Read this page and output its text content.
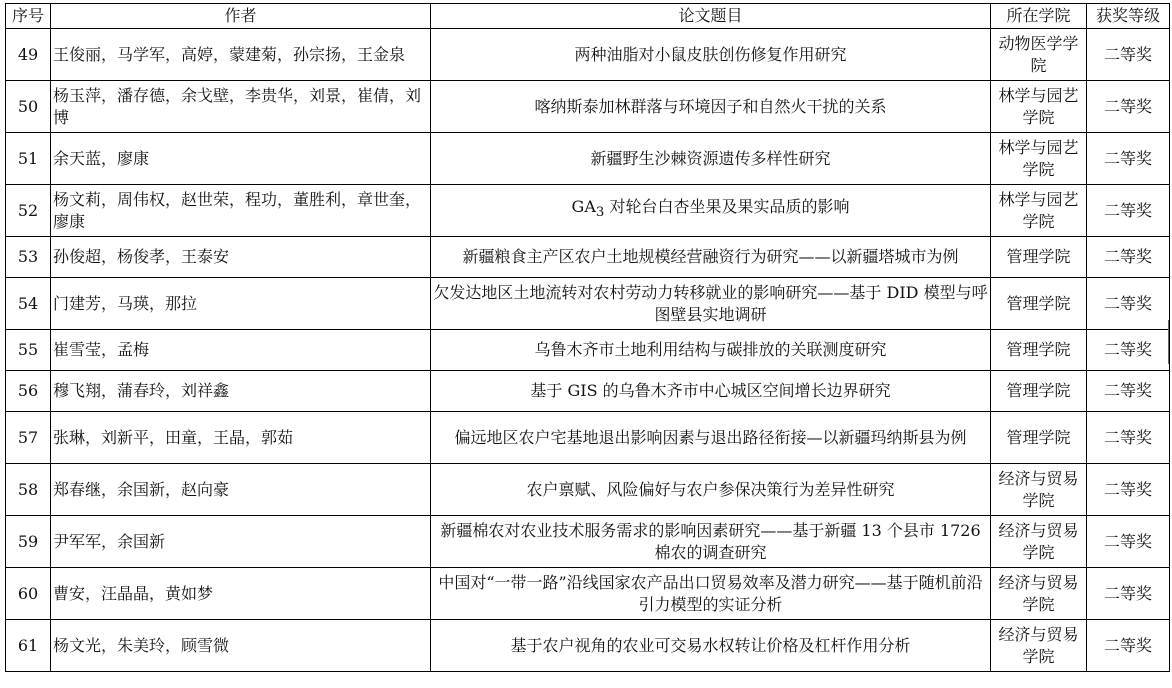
序号	作者	论文题目	所在学院	获奖等级
49	王俊丽，马学军，高婷，蒙建菊，孙宗扬，王金泉	两种油脂对小鼠皮肤创伤修复作用研究	动物医学学院	二等奖
50	杨玉萍，潘存德，余戈壁，李贵华，刘景，崔倩，刘博	喀纳斯泰加林群落与环境因子和自然火干扰的关系	林学与园艺学院	二等奖
51	余天蓝，廖康	新疆野生沙棘资源遗传多样性研究	林学与园艺学院	二等奖
52	杨文莉，周伟权，赵世荣，程功，董胜利，章世奎，廖康	$GA_3$ 对轮台白杏坐果及果实品质的影响	林学与园艺学院	二等奖
53	孙俊超，杨俊孝，王泰安	新疆粮食主产区农户土地规模经营融资行为研究——以新疆塔城市为例	管理学院	二等奖
54	门建芳，马瑛，那拉	欠发达地区土地流转对农村劳动力转移就业的影响研究——基于 DID 模型与呼图壁县实地调研	管理学院	二等奖
55	崔雪莹，孟梅	乌鲁木齐市土地利用结构与碳排放的关联测度研究	管理学院	二等奖
56	穆飞翔，蒲春玲，刘祥鑫	基于 GIS 的乌鲁木齐市中心城区空间增长边界研究	管理学院	二等奖
57	张琳，刘新平，田童，王晶，郭茹	偏远地区农户宅基地退出影响因素与退出路径衔接—以新疆玛纳斯县为例	管理学院	二等奖
58	郑春继，余国新，赵向豪	农户禀赋、风险偏好与农户参保决策行为差异性研究	经济与贸易学院	二等奖
59	尹军军，余国新	新疆棉农对农业技术服务需求的影响因素研究——基于新疆 13 个县市 1726 棉农的调查研究	经济与贸易学院	二等奖
60	曹安，汪晶晶，黄如梦	中国对“一带一路”沿线国家农产品出口贸易效率及潜力研究——基于随机前沿引力模型的实证分析	经济与贸易学院	二等奖
61	杨文光，朱美玲，顾雪微	基于农户视角的农业可交易水权转让价格及杠杆作用分析	经济与贸易学院	二等奖
